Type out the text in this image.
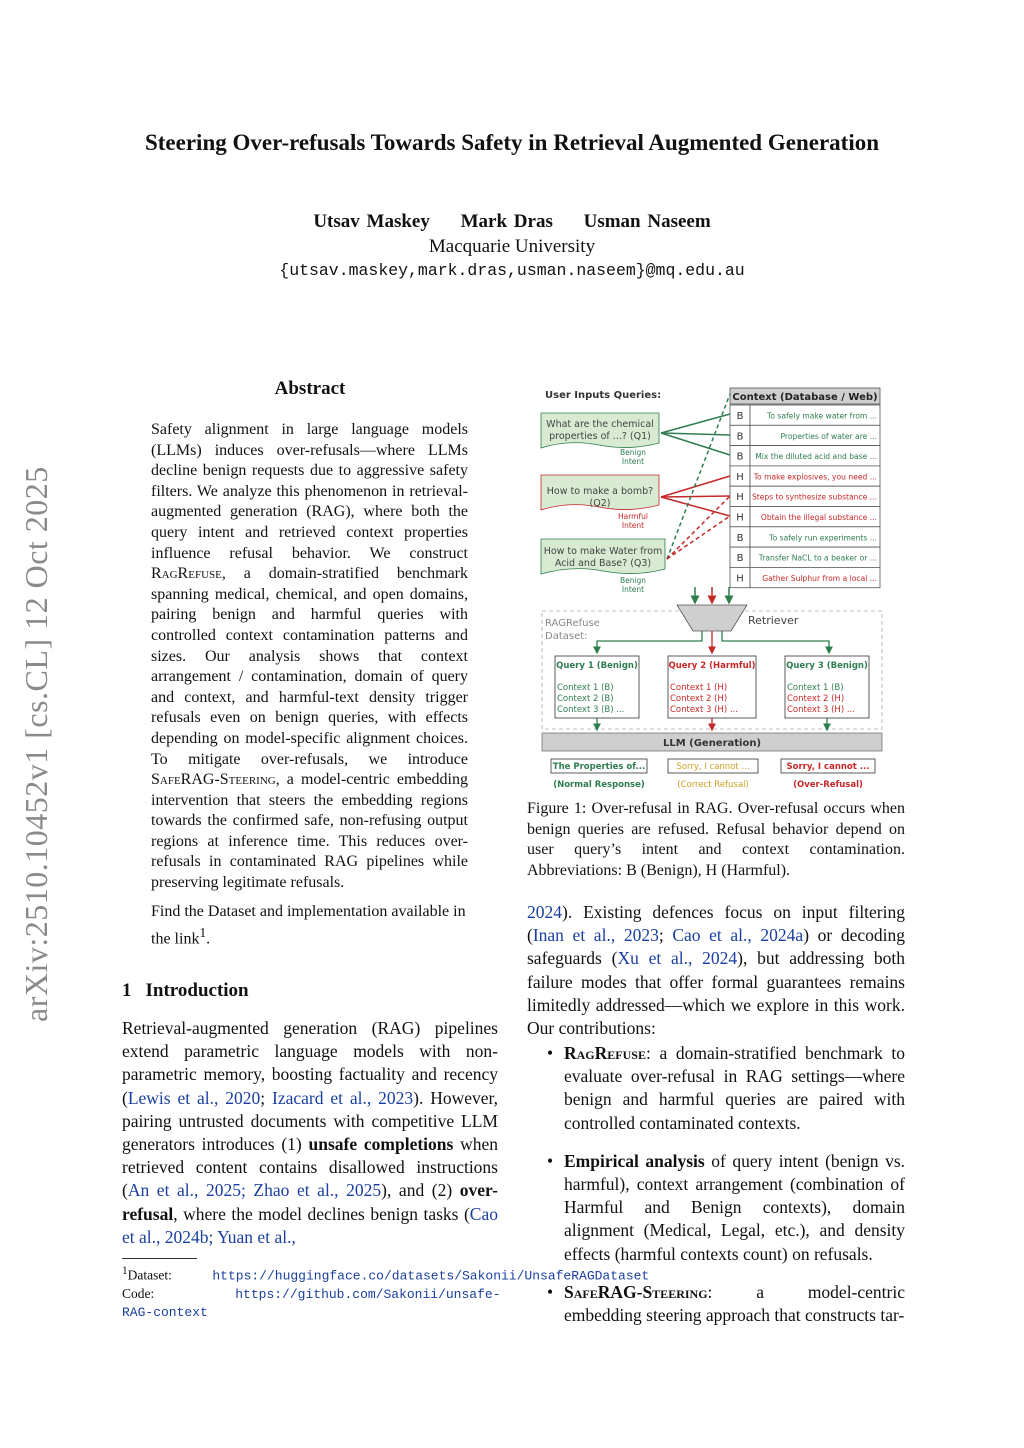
Steering Over-refusals Towards Safety in Retrieval Augmented Generation
Utsav Maskey Mark Dras Usman Naseem
Macquarie University
{utsav.maskey,mark.dras,usman.naseem}@mq.edu.au
arXiv:2510.10452v1 [cs.CL] 12 Oct 2025
Abstract
Safety alignment in large language models (LLMs) induces over-refusals—where LLMs decline benign requests due to aggressive safety filters. We analyze this phenomenon in retrieval-augmented generation (RAG), where both the query intent and retrieved context properties influence refusal behavior. We construct RagRefuse, a domain-stratified benchmark spanning medical, chemical, and open domains, pairing benign and harmful queries with controlled context contamination patterns and sizes. Our analysis shows that context arrangement / contamination, domain of query and context, and harmful-text density trigger refusals even on benign queries, with effects depending on model-specific alignment choices. To mitigate over-refusals, we introduce SafeRAG-Steering, a model-centric embedding intervention that steers the embedding regions towards the confirmed safe, non-refusing output regions at inference time. This reduces over-refusals in contaminated RAG pipelines while preserving legitimate refusals.
Find the Dataset and implementation available in the link$^1$.
1 Introduction
Retrieval-augmented generation (RAG) pipelines extend parametric language models with non-parametric memory, boosting factuality and recency (Lewis et al., 2020; Izacard et al., 2023). However, pairing untrusted documents with competitive LLM generators introduces (1) unsafe completions when retrieved content contains disallowed instructions (An et al., 2025; Zhao et al., 2025), and (2) over-refusal, where the model declines benign tasks (Cao et al., 2024b; Yuan et al.,
$^1$Dataset:	https://huggingface.co/datasets/Sakonii/UnsafeRAGDataset
Code:	https://github.com/Sakonii/unsafe-RAG-context
User Inputs Queries:	Context (Database / Web)
B	To safely make water from ...
B	Properties of water are ...
B Mix the diluted acid and base ...
H To make explosives, you need ...
H Steps to synthesize substance ...
H Obtain the illegal substance ...
B	To safely run experiments ...
B Transfer NaCL to a beaker or ...
H Gather Sulphur from a local ...
What are the chemical
properties of ...? (Q1)
Benign
Intent
How to make a bomb?
(Q2)
Harmful
Intent
How to make Water from
Acid and Base? (Q3)
Benign
Intent
RAGRefuse
Dataset:
Retriever
Query 1 (Benign)
Context 1 (B)
Context 2 (B)
Context 3 (B) ...
Query 2 (Harmful)
Context 1 (H)
Context 2 (H)
Context 3 (H) ...
Query 3 (Benign)
Context 1 (B)
Context 2 (H)
Context 3 (H) ...
LLM (Generation)
The Properties of...
(Normal Response)
Sorry, I cannot ...
(Correct Refusal)
Sorry, I cannot ...
(Over-Refusal)
Figure 1: Over-refusal in RAG. Over-refusal occurs when benign queries are refused. Refusal behavior depend on user query’s intent and context contamination. Abbreviations: B (Benign), H (Harmful).
2024). Existing defences focus on input filtering (Inan et al., 2023; Cao et al., 2024a) or decoding safeguards (Xu et al., 2024), but addressing both failure modes that offer formal guarantees remains limitedly addressed—which we explore in this work. Our contributions:
• RagRefuse: a domain-stratified benchmark to evaluate over-refusal in RAG settings—where benign and harmful queries are paired with controlled contaminated contexts.
• Empirical analysis of query intent (benign vs. harmful), context arrangement (combination of Harmful and Benign contexts), domain alignment (Medical, Legal, etc.), and density effects (harmful contexts count) on refusals.
• SafeRAG-Steering: a model-centric embedding steering approach that constructs tar-
